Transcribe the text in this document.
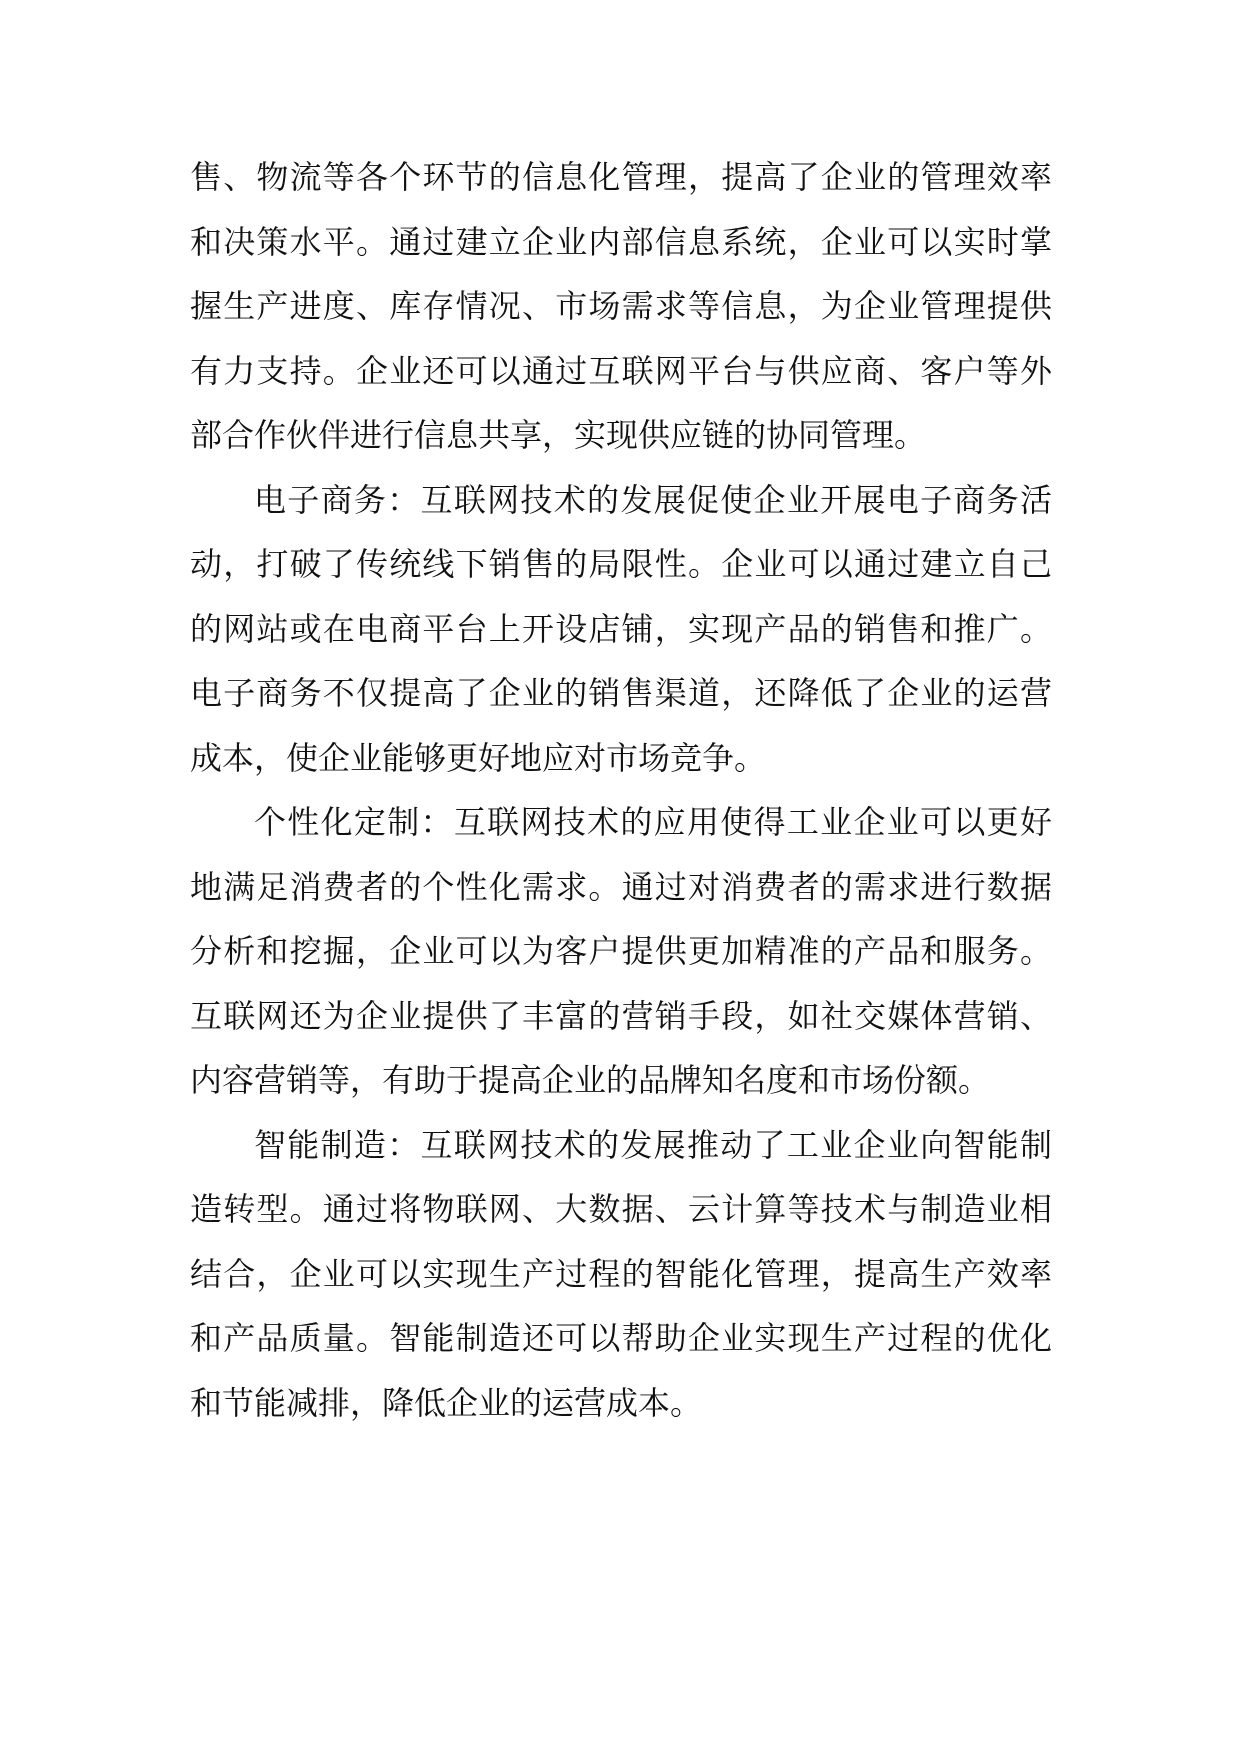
售、物流等各个环节的信息化管理，提高了企业的管理效率和决策水平。通过建立企业内部信息系统，企业可以实时掌握生产进度、库存情况、市场需求等信息，为企业管理提供有力支持。企业还可以通过互联网平台与供应商、客户等外部合作伙伴进行信息共享，实现供应链的协同管理。

电子商务：互联网技术的发展促使企业开展电子商务活动，打破了传统线下销售的局限性。企业可以通过建立自己的网站或在电商平台上开设店铺，实现产品的销售和推广。电子商务不仅提高了企业的销售渠道，还降低了企业的运营成本，使企业能够更好地应对市场竞争。

个性化定制：互联网技术的应用使得工业企业可以更好地满足消费者的个性化需求。通过对消费者的需求进行数据分析和挖掘，企业可以为客户提供更加精准的产品和服务。互联网还为企业提供了丰富的营销手段，如社交媒体营销、内容营销等，有助于提高企业的品牌知名度和市场份额。

智能制造：互联网技术的发展推动了工业企业向智能制造转型。通过将物联网、大数据、云计算等技术与制造业相结合，企业可以实现生产过程的智能化管理，提高生产效率和产品质量。智能制造还可以帮助企业实现生产过程的优化和节能减排，降低企业的运营成本。
